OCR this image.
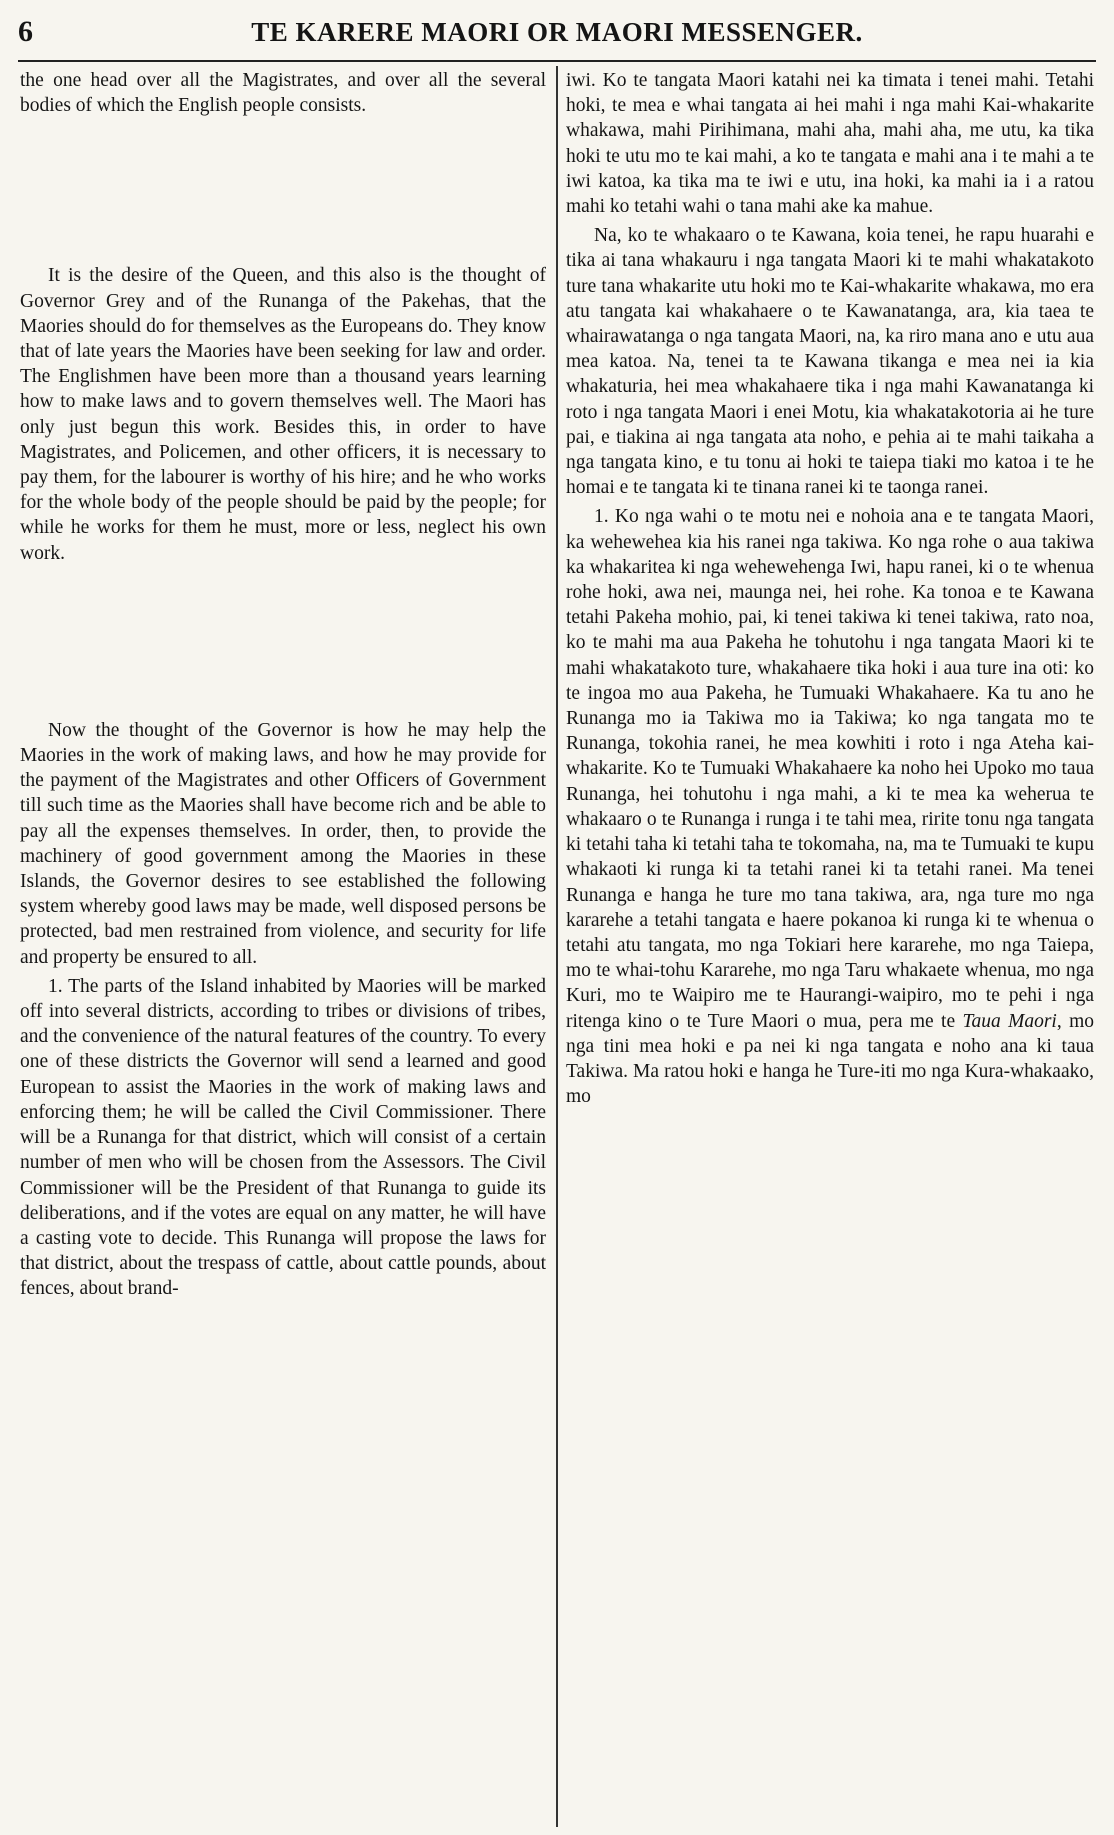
6	TE KARERE MAORI OR MAORI MESSENGER.

the one head over all the Magistrates, and over all the several bodies of which the English people consists.

It is the desire of the Queen, and this also is the thought of Governor Grey and of the Runanga of the Pakehas, that the Maories should do for themselves as the Europeans do. They know that of late years the Maories have been seeking for law and order. The Englishmen have been more than a thousand years learning how to make laws and to govern themselves well. The Maori has only just begun this work. Besides this, in order to have Magistrates, and Policemen, and other officers, it is necessary to pay them, for the labourer is worthy of his hire; and he who works for the whole body of the people should be paid by the people; for while he works for them he must, more or less, neglect his own work.

Now the thought of the Governor is how he may help the Maories in the work of making laws, and how he may provide for the payment of the Magistrates and other Officers of Government till such time as the Maories shall have become rich and be able to pay all the expenses themselves. In order, then, to provide the machinery of good government among the Maories in these Islands, the Governor desires to see established the following system whereby good laws may be made, well disposed persons be protected, bad men restrained from violence, and security for life and property be ensured to all.

1. The parts of the Island inhabited by Maories will be marked off into several districts, according to tribes or divisions of tribes, and the convenience of the natural features of the country. To every one of these districts the Governor will send a learned and good European to assist the Maories in the work of making laws and enforcing them; he will be called the Civil Commissioner. There will be a Runanga for that district, which will consist of a certain number of men who will be chosen from the Assessors. The Civil Commissioner will be the President of that Runanga to guide its deliberations, and if the votes are equal on any matter, he will have a casting vote to decide. This Runanga will propose the laws for that district, about the trespass of cattle, about cattle pounds, about fences, about brand-

iwi. Ko te tangata Maori katahi nei ka timata i tenei mahi. Tetahi hoki, te mea e whai tangata ai hei mahi i nga mahi Kai-whakarite whakawa, mahi Pirihimana, mahi aha, mahi aha, me utu, ka tika hoki te utu mo te kai mahi, a ko te tangata e mahi ana i te mahi a te iwi katoa, ka tika ma te iwi e utu, ina hoki, ka mahi ia i a ratou mahi ko tetahi wahi o tana mahi ake ka mahue.

Na, ko te whakaaro o te Kawana, koia tenei, he rapu huarahi e tika ai tana whakauru i nga tangata Maori ki te mahi whakatakoto ture tana whakarite utu hoki mo te Kai-whakarite whakawa, mo era atu tangata kai whakahaere o te Kawanatanga, ara, kia taea te whairawatanga o nga tangata Maori, na, ka riro mana ano e utu aua mea katoa. Na, tenei ta te Kawana tikanga e mea nei ia kia whakaturia, hei mea whakahaere tika i nga mahi Kawanatanga ki roto i nga tangata Maori i enei Motu, kia whakatakotoria ai he ture pai, e tiakina ai nga tangata ata noho, e pehia ai te mahi taikaha a nga tangata kino, e tu tonu ai hoki te taiepa tiaki mo katoa i te he homai e te tangata ki te tinana ranei ki te taonga ranei.

1. Ko nga wahi o te motu nei e nohoia ana e te tangata Maori, ka wehewehea kia his ranei nga takiwa. Ko nga rohe o aua takiwa ka whakaritea ki nga wehewehenga Iwi, hapu ranei, ki o te whenua rohe hoki, awa nei, maunga nei, hei rohe. Ka tonoa e te Kawana tetahi Pakeha mohio, pai, ki tenei takiwa ki tenei takiwa, rato noa, ko te mahi ma aua Pakeha he tohutohu i nga tangata Maori ki te mahi whakatakoto ture, whakahaere tika hoki i aua ture ina oti: ko te ingoa mo aua Pakeha, he Tumuaki Whakahaere. Ka tu ano he Runanga mo ia Takiwa mo ia Takiwa; ko nga tangata mo te Runanga, tokohia ranei, he mea kowhiti i roto i nga Ateha kai-whakarite. Ko te Tumuaki Whakahaere ka noho hei Upoko mo taua Runanga, hei tohutohu i nga mahi, a ki te mea ka weherua te whakaaro o te Runanga i runga i te tahi mea, ririte tonu nga tangata ki tetahi taha ki tetahi taha te tokomaha, na, ma te Tumuaki te kupu whakaoti ki runga ki ta tetahi ranei ki ta tetahi ranei. Ma tenei Runanga e hanga he ture mo tana takiwa, ara, nga ture mo nga kararehe a tetahi tangata e haere pokanoa ki runga ki te whenua o tetahi atu tangata, mo nga Tokiari here kararehe, mo nga Taiepa, mo te whai-tohu Kararehe, mo nga Taru whakaete whenua, mo nga Kuri, mo te Waipiro me te Haurangi-waipiro, mo te pehi i nga ritenga kino o te Ture Maori o mua, pera me te Taua Maori, mo nga tini mea hoki e pa nei ki nga tangata e noho ana ki taua Takiwa. Ma ratou hoki e hanga he Ture-iti mo nga Kura-whakaako, mo
